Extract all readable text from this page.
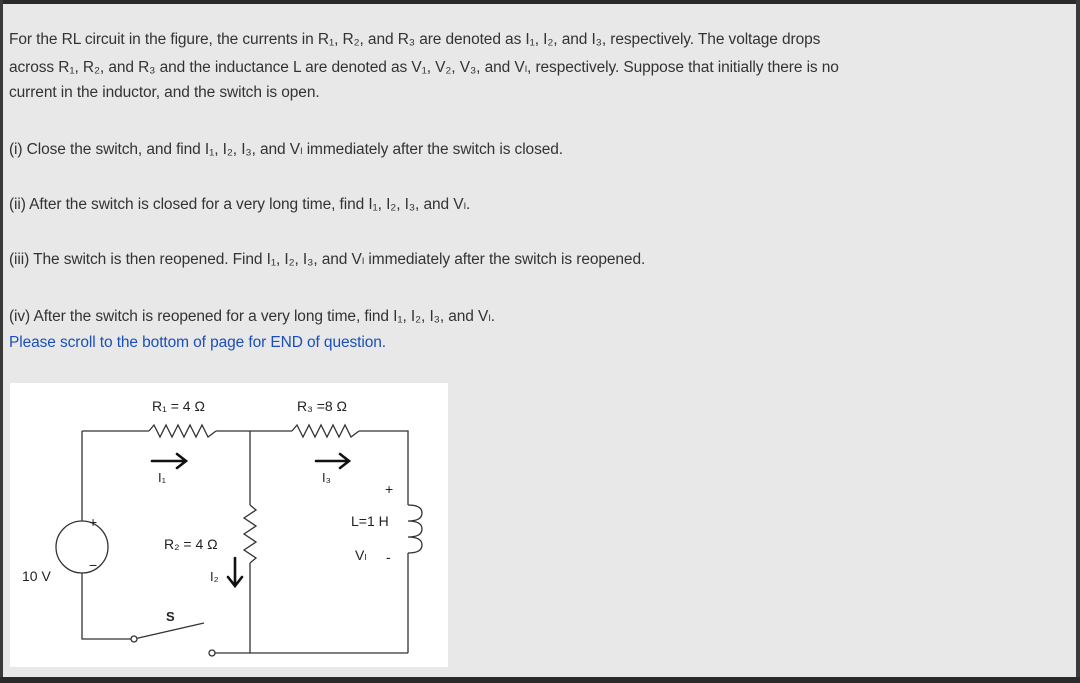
For the RL circuit in the figure, the currents in R₁, R₂, and R₃ are denoted as I₁, I₂, and I₃, respectively. The voltage drops
across R₁, R₂, and R₃ and the inductance L are denoted as V₁, V₂, V₃, and Vₗ, respectively. Suppose that initially there is no
current in the inductor, and the switch is open.
(i) Close the switch, and find I₁, I₂, I₃, and Vₗ immediately after the switch is closed.
(ii) After the switch is closed for a very long time, find I₁, I₂, I₃, and Vₗ.
(iii) The switch is then reopened. Find I₁, I₂, I₃, and Vₗ immediately after the switch is reopened.
(iv) After the switch is reopened for a very long time, find I₁, I₂, I₃, and Vₗ.
Please scroll to the bottom of page for END of question.
R₁ = 4 Ω	R₃ =8 Ω
I₁	I₃
R₂ = 4 Ω
I₂
+
L=1 H
Vₗ -
10 V
+
−
S
